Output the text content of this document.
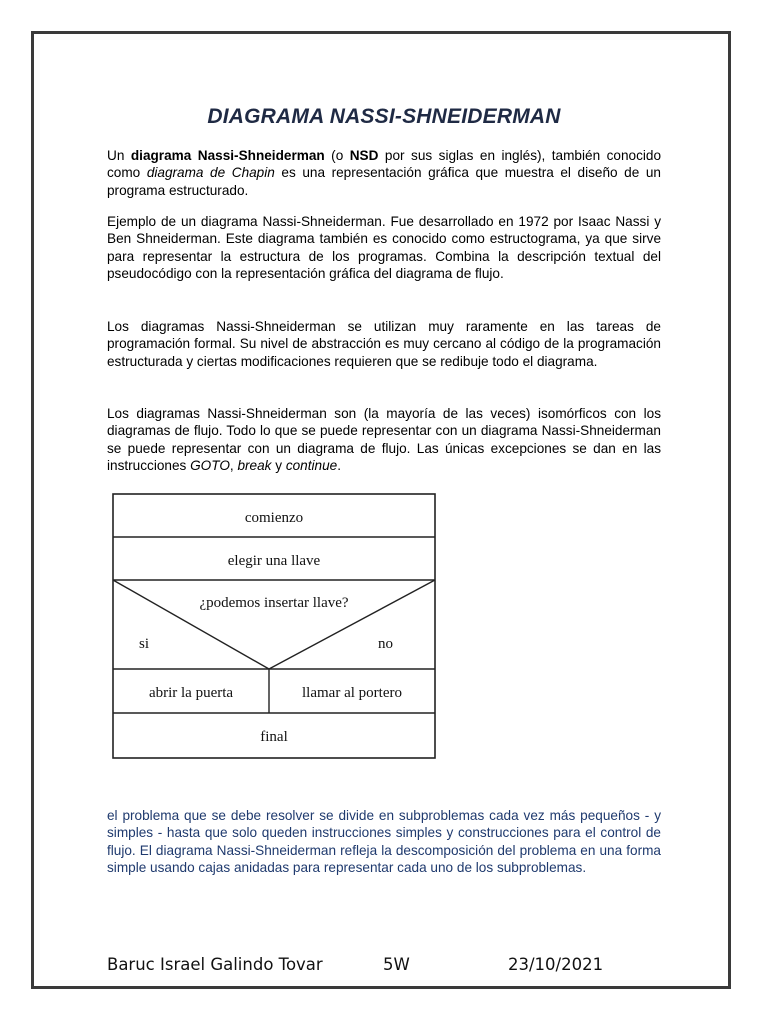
DIAGRAMA NASSI-SHNEIDERMAN

Un diagrama Nassi-Shneiderman (o NSD por sus siglas en inglés), también conocido como diagrama de Chapin es una representación gráfica que muestra el diseño de un programa estructurado.

Ejemplo de un diagrama Nassi-Shneiderman. Fue desarrollado en 1972 por Isaac Nassi y Ben Shneiderman. Este diagrama también es conocido como estructograma, ya que sirve para representar la estructura de los programas. Combina la descripción textual del pseudocódigo con la representación gráfica del diagrama de flujo.

Los diagramas Nassi-Shneiderman se utilizan muy raramente en las tareas de programación formal. Su nivel de abstracción es muy cercano al código de la programación estructurada y ciertas modificaciones requieren que se redibuje todo el diagrama.

Los diagramas Nassi-Shneiderman son (la mayoría de las veces) isomórficos con los diagramas de flujo. Todo lo que se puede representar con un diagrama Nassi-Shneiderman se puede representar con un diagrama de flujo. Las únicas excepciones se dan en las instrucciones GOTO, break y continue.

comienzo
elegir una llave
¿podemos insertar llave?
si	no
abrir la puerta	llamar al portero
final

el problema que se debe resolver se divide en subproblemas cada vez más pequeños - y simples - hasta que solo queden instrucciones simples y construcciones para el control de flujo. El diagrama Nassi-Shneiderman refleja la descomposición del problema en una forma simple usando cajas anidadas para representar cada uno de los subproblemas.

Baruc Israel Galindo Tovar	5W	23/10/2021
